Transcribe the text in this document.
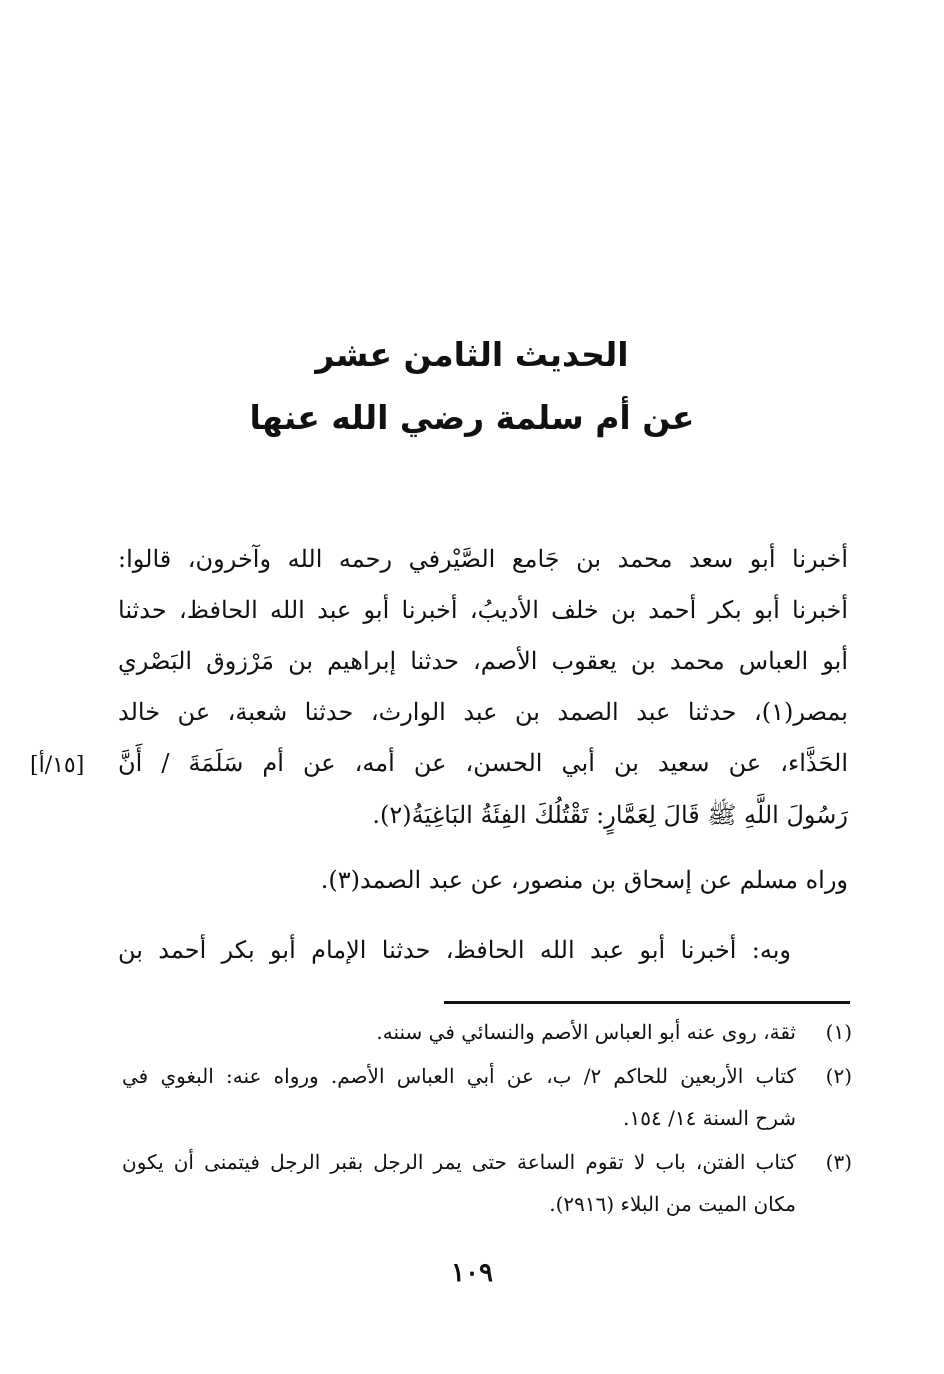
الحديث الثامن عشر
عن أم سلمة رضي الله عنها
أخبرنا أبو سعد محمد بن جَامع الصَّيْرفي رحمه الله وآخرون، قالوا:
أخبرنا أبو بكر أحمد بن خلف الأديبُ، أخبرنا أبو عبد الله الحافظ، حدثنا
أبو العباس محمد بن يعقوب الأصم، حدثنا إبراهيم بن مَرْزوق البَصْري
بمصر(١)، حدثنا عبد الصمد بن عبد الوارث، حدثنا شعبة، عن خالد
الحَذَّاء، عن سعيد بن أبي الحسن، عن أمه، عن أم سَلَمَةَ / أَنَّ
رَسُولَ اللَّهِ ﷺ قَالَ لِعَمَّارٍ: تَقْتُلُكَ الفِئَةُ البَاغِيَةُ(٢).
وراه مسلم عن إسحاق بن منصور، عن عبد الصمد(٣).
وبه: أخبرنا أبو عبد الله الحافظ، حدثنا الإمام أبو بكر أحمد بن
[١٥/أ]
(١)
ثقة، روى عنه أبو العباس الأصم والنسائي في سننه.
(٢)
كتاب الأربعين للحاكم ٢/ ب، عن أبي العباس الأصم. ورواه عنه: البغوي في
شرح السنة ١٤/ ١٥٤.
(٣)
كتاب الفتن، باب لا تقوم الساعة حتى يمر الرجل بقبر الرجل فيتمنى أن يكون
مكان الميت من البلاء (٢٩١٦).
١٠٩
